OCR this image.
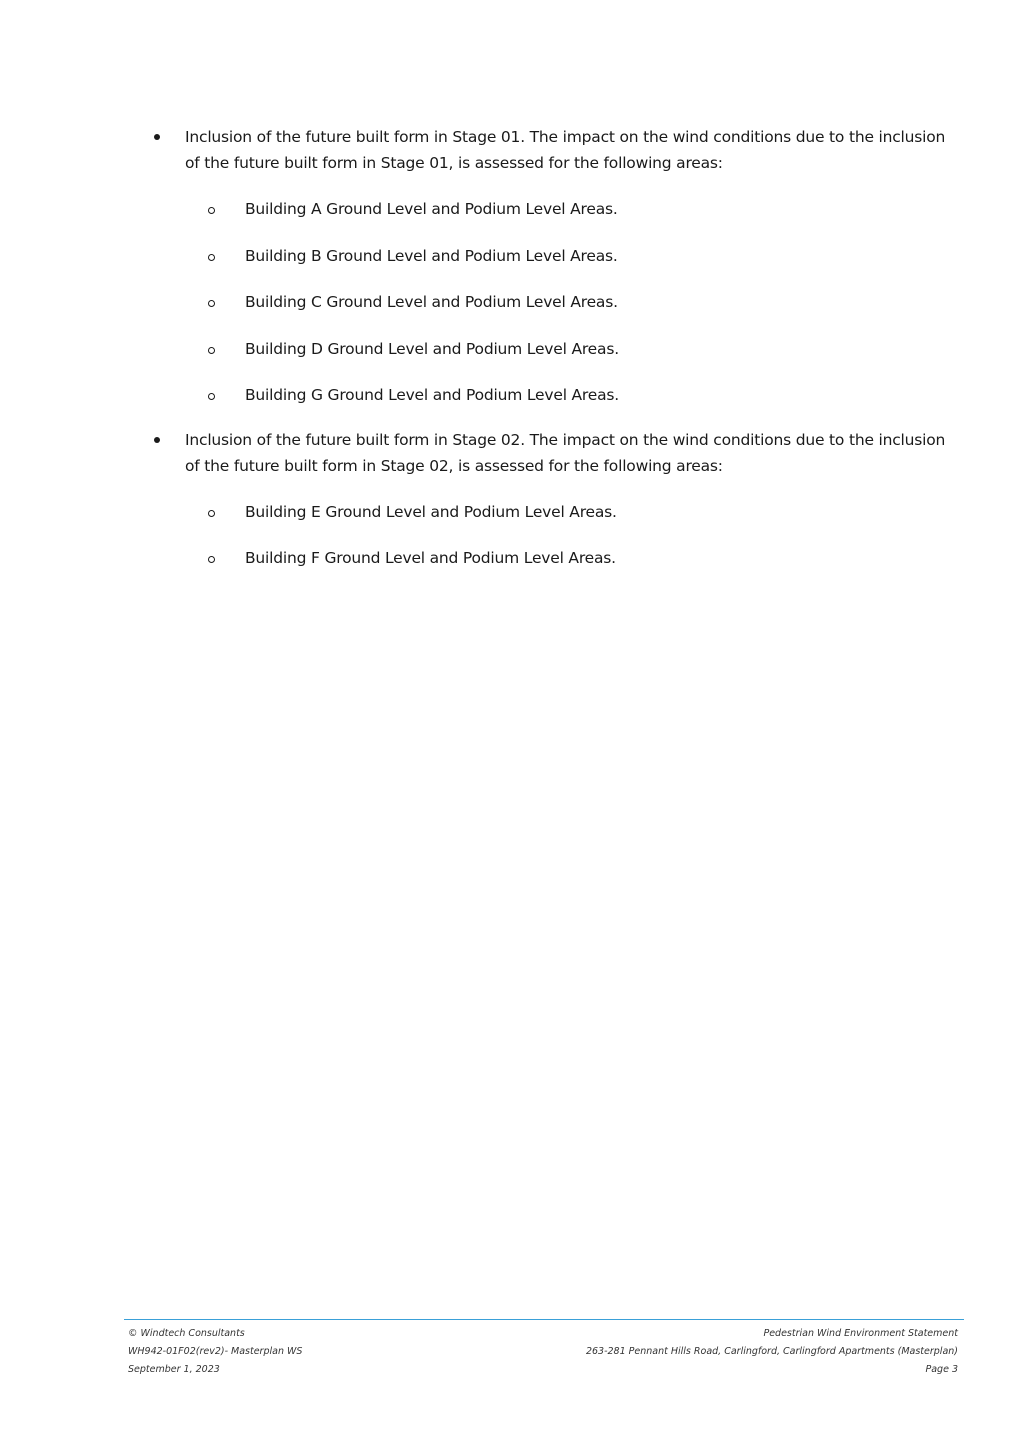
Inclusion of the future built form in Stage 01. The impact on the wind conditions due to the inclusion of the future built form in Stage 01, is assessed for the following areas:
Building A Ground Level and Podium Level Areas.
Building B Ground Level and Podium Level Areas.
Building C Ground Level and Podium Level Areas.
Building D Ground Level and Podium Level Areas.
Building G Ground Level and Podium Level Areas.
Inclusion of the future built form in Stage 02. The impact on the wind conditions due to the inclusion of the future built form in Stage 02, is assessed for the following areas:
Building E Ground Level and Podium Level Areas.
Building F Ground Level and Podium Level Areas.
© Windtech Consultants
WH942-01F02(rev2)- Masterplan WS
September 1, 2023
Pedestrian Wind Environment Statement
263-281 Pennant Hills Road, Carlingford, Carlingford Apartments (Masterplan)
Page 3
